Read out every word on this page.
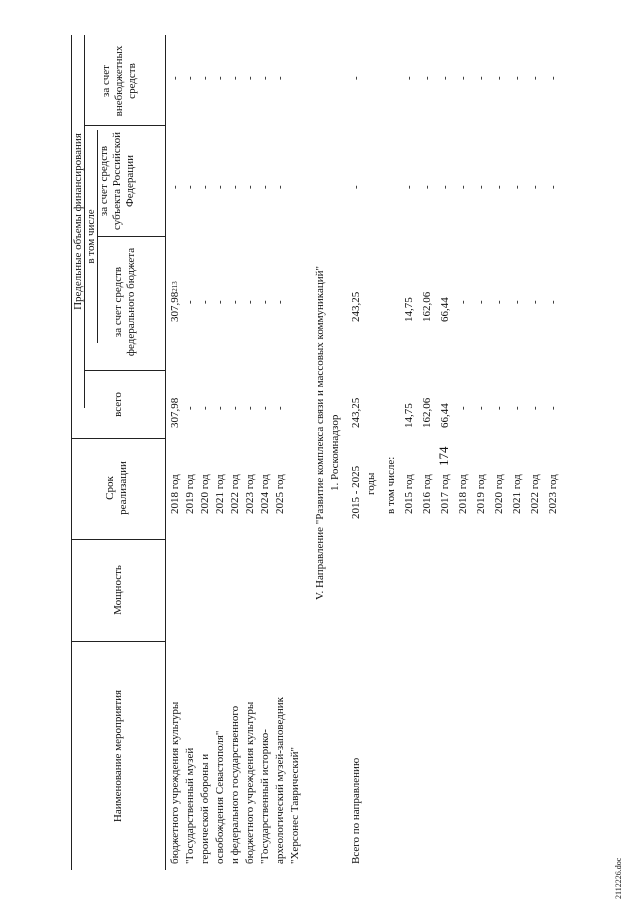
174
Наименование мероприятия
Мощность
Срок реализации
Предельные объемы финансирования
всего
в том числе
за счет средств федерального бюджета
за счет средств субъекта Российской Федерации
за счет внебюджетных средств
бюджетного учреждения культуры "Государственный музей героической обороны и освобождения Севастополя" и федерального государственного бюджетного учреждения культуры "Государственный историко- археологический музей-заповедник "Херсонес Таврический"
2018 год
307,98
307,98$^{213}$
-
-
2019 год
-
-
-
-
2020 год
-
-
-
-
2021 год
-
-
-
-
2022 год
-
-
-
-
2023 год
-
-
-
-
2024 год
-
-
-
-
2025 год
-
-
-
-
V. Направление "Развитие комплекса связи и массовых коммуникаций" 1. Роскомнадзор
Всего по направлению
2015 - 2025 годы
243,25
243,25
-
-
в том числе: 2015 год
14,75
14,75
-
-
2016 год
162,06
162,06
-
-
2017 год
66,44
66,44
-
-
2018 год
-
-
-
-
2019 год
-
-
-
-
2020 год
-
-
-
-
2021 год
-
-
-
-
2022 год
-
-
-
-
2023 год
-
-
-
-
2112226.doc
